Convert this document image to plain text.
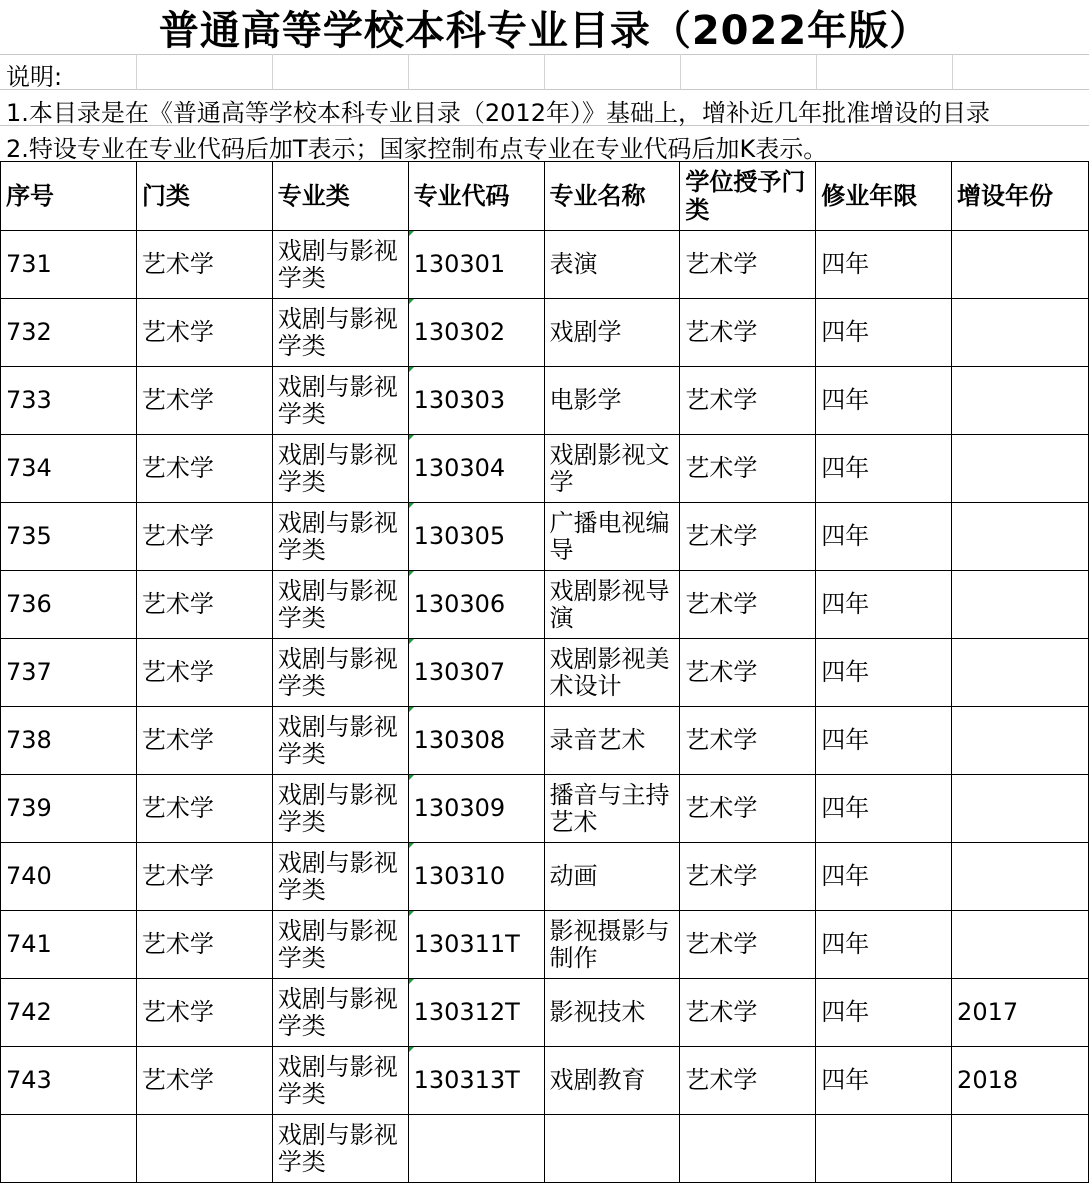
普通高等学校本科专业目录（2022年版）
说明:
1.本目录是在《普通高等学校本科专业目录（2012年）》基础上，增补近几年批准增设的目录
2.特设专业在专业代码后加T表示；国家控制布点专业在专业代码后加K表示。
序号	门类	专业类	专业代码	专业名称	学位授予门类	修业年限	增设年份
731	艺术学	戏剧与影视学类	130301	表演	艺术学	四年	
732	艺术学	戏剧与影视学类	130302	戏剧学	艺术学	四年	
733	艺术学	戏剧与影视学类	130303	电影学	艺术学	四年	
734	艺术学	戏剧与影视学类	130304	戏剧影视文学	艺术学	四年	
735	艺术学	戏剧与影视学类	130305	广播电视编导	艺术学	四年	
736	艺术学	戏剧与影视学类	130306	戏剧影视导演	艺术学	四年	
737	艺术学	戏剧与影视学类	130307	戏剧影视美术设计	艺术学	四年	
738	艺术学	戏剧与影视学类	130308	录音艺术	艺术学	四年	
739	艺术学	戏剧与影视学类	130309	播音与主持艺术	艺术学	四年	
740	艺术学	戏剧与影视学类	130310	动画	艺术学	四年	
741	艺术学	戏剧与影视学类	130311T	影视摄影与制作	艺术学	四年	
742	艺术学	戏剧与影视学类	130312T	影视技术	艺术学	四年	2017
743	艺术学	戏剧与影视学类	130313T	戏剧教育	艺术学	四年	2018
		戏剧与影视学类					
